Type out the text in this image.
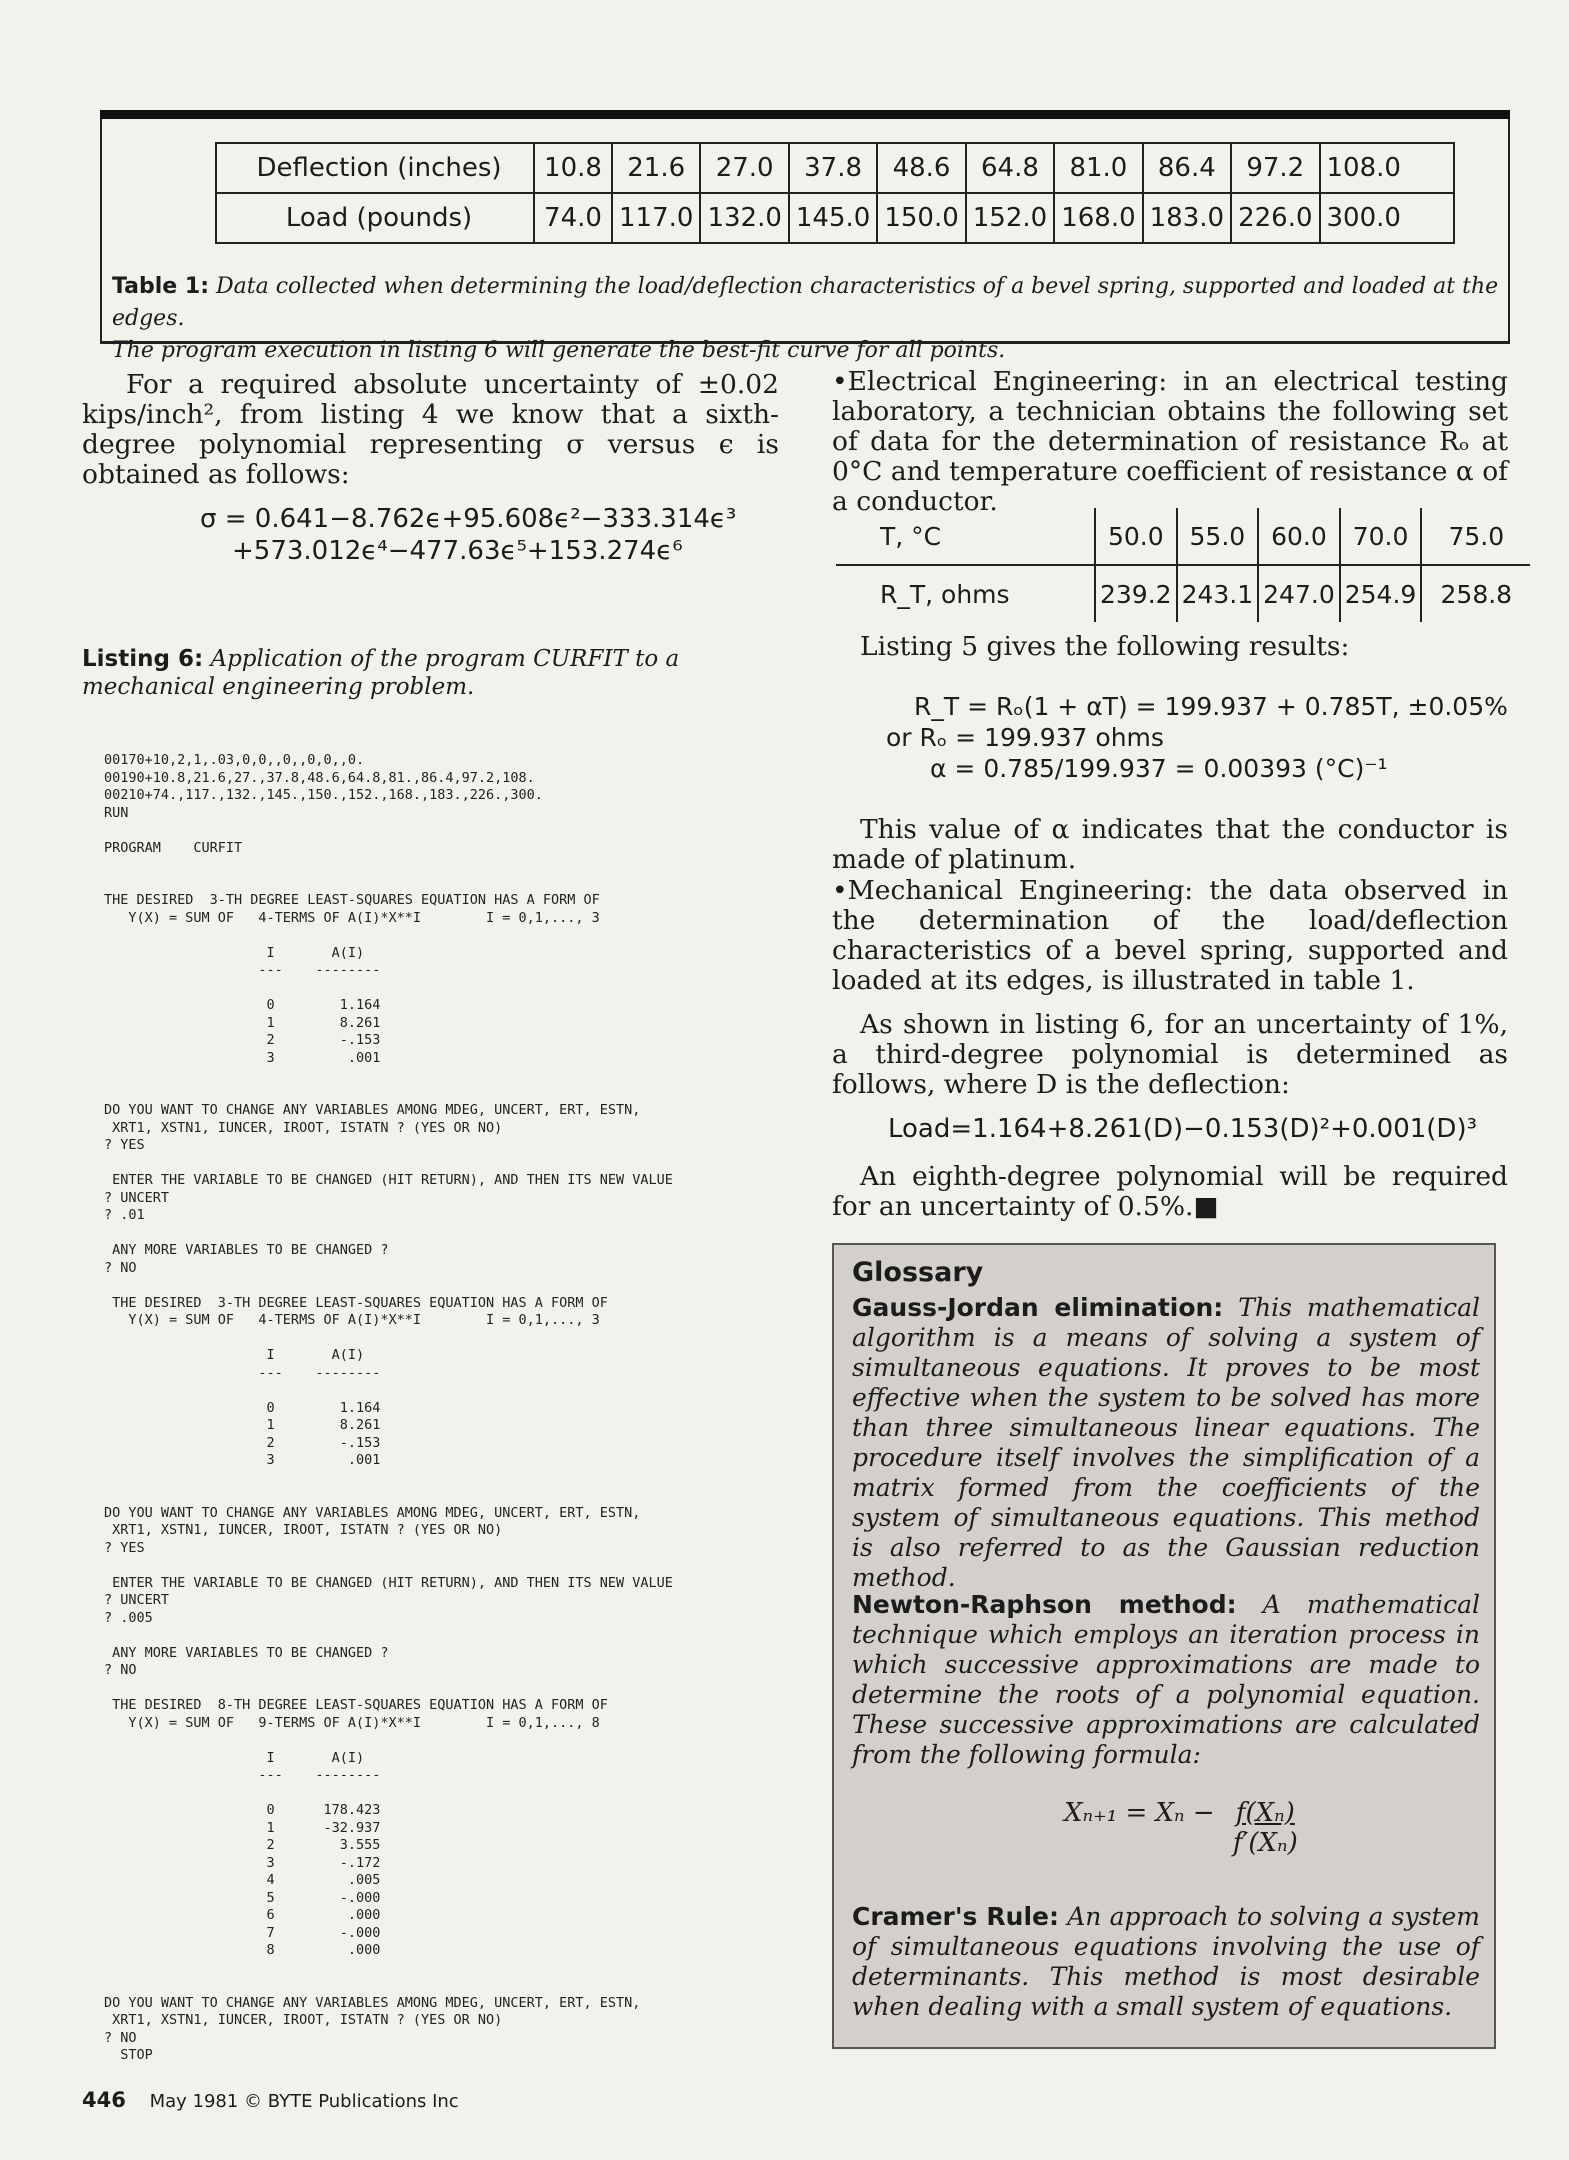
Deflection (inches)	10.8	21.6	27.0	37.8	48.6	64.8	81.0	86.4	97.2	108.0
Load (pounds)	74.0	117.0	132.0	145.0	150.0	152.0	168.0	183.0	226.0	300.0
Table 1: Data collected when determining the load/deflection characteristics of a bevel spring, supported and loaded at the edges.
The program execution in listing 6 will generate the best-fit curve for all points.
For a required absolute uncertainty of ±0.02 kips/inch², from listing 4 we know that a sixth-degree polynomial representing σ versus ϵ is obtained as follows:
σ = 0.641−8.762ϵ+95.608ϵ²−333.314ϵ³
+573.012ϵ⁴−477.63ϵ⁵+153.274ϵ⁶
Listing 6: Application of the program CURFIT to a mechanical engineering problem.
00170+10,2,1,.03,0,0,,0,,0,0,,0.
00190+10.8,21.6,27.,37.8,48.6,64.8,81.,86.4,97.2,108.
00210+74.,117.,132.,145.,150.,152.,168.,183.,226.,300.
RUN

PROGRAM    CURFIT

THE DESIRED  3-TH DEGREE LEAST-SQUARES EQUATION HAS A FORM OF
Y(X) = SUM OF   4-TERMS OF A(I)*X**I        I = 0,1,..., 3

I       A(I)
---    --------

0        1.164
1        8.261
2        -.153
3         .001

DO YOU WANT TO CHANGE ANY VARIABLES AMONG MDEG, UNCERT, ERT, ESTN,
XRT1, XSTN1, IUNCER, IROOT, ISTATN ? (YES OR NO)
? YES

ENTER THE VARIABLE TO BE CHANGED (HIT RETURN), AND THEN ITS NEW VALUE
? UNCERT
? .01

ANY MORE VARIABLES TO BE CHANGED ?
? NO

THE DESIRED  3-TH DEGREE LEAST-SQUARES EQUATION HAS A FORM OF
Y(X) = SUM OF   4-TERMS OF A(I)*X**I        I = 0,1,..., 3

I       A(I)
---    --------

0        1.164
1        8.261
2        -.153
3         .001

DO YOU WANT TO CHANGE ANY VARIABLES AMONG MDEG, UNCERT, ERT, ESTN,
XRT1, XSTN1, IUNCER, IROOT, ISTATN ? (YES OR NO)
? YES

ENTER THE VARIABLE TO BE CHANGED (HIT RETURN), AND THEN ITS NEW VALUE
? UNCERT
? .005

ANY MORE VARIABLES TO BE CHANGED ?
? NO

THE DESIRED  8-TH DEGREE LEAST-SQUARES EQUATION HAS A FORM OF
Y(X) = SUM OF   9-TERMS OF A(I)*X**I        I = 0,1,..., 8

I       A(I)
---    --------

0      178.423
1      -32.937
2        3.555
3        -.172
4         .005
5        -.000
6         .000
7        -.000
8         .000

DO YOU WANT TO CHANGE ANY VARIABLES AMONG MDEG, UNCERT, ERT, ESTN,
XRT1, XSTN1, IUNCER, IROOT, ISTATN ? (YES OR NO)
? NO
STOP
•Electrical Engineering: in an electrical testing laboratory, a technician obtains the following set of data for the determination of resistance Rₒ at 0°C and temperature coefficient of resistance α of a conductor.
T, °C	50.0	55.0	60.0	70.0	75.0
R_T, ohms	239.2	243.1	247.0	254.9	258.8
Listing 5 gives the following results:
R_T = Rₒ(1 + αT) = 199.937 + 0.785T, ±0.05%
or Rₒ = 199.937 ohms
α = 0.785/199.937 = 0.00393 (°C)⁻¹
This value of α indicates that the conductor is made of platinum.
•Mechanical Engineering: the data observed in the determination of the load/deflection characteristics of a bevel spring, supported and loaded at its edges, is illustrated in table 1.
As shown in listing 6, for an uncertainty of 1%, a third-degree polynomial is determined as follows, where D is the deflection:
Load=1.164+8.261(D)−0.153(D)²+0.001(D)³
An eighth-degree polynomial will be required for an uncertainty of 0.5%.■
Glossary
Gauss-Jordan elimination: This mathematical algorithm is a means of solving a system of simultaneous equations. It proves to be most effective when the system to be solved has more than three simultaneous linear equations. The procedure itself involves the simplification of a matrix formed from the coefficients of the system of simultaneous equations. This method is also referred to as the Gaussian reduction method.
Newton-Raphson method: A mathematical technique which employs an iteration process in which successive approximations are made to determine the roots of a polynomial equation. These successive approximations are calculated from the following formula:
$X_{n+1} = X_n - \frac{\text{f(Xₙ)}}{\text{f′(Xₙ)}}$
Cramer's Rule: An approach to solving a system of simultaneous equations involving the use of determinants. This method is most desirable when dealing with a small system of equations.
446 May 1981 © BYTE Publications Inc
